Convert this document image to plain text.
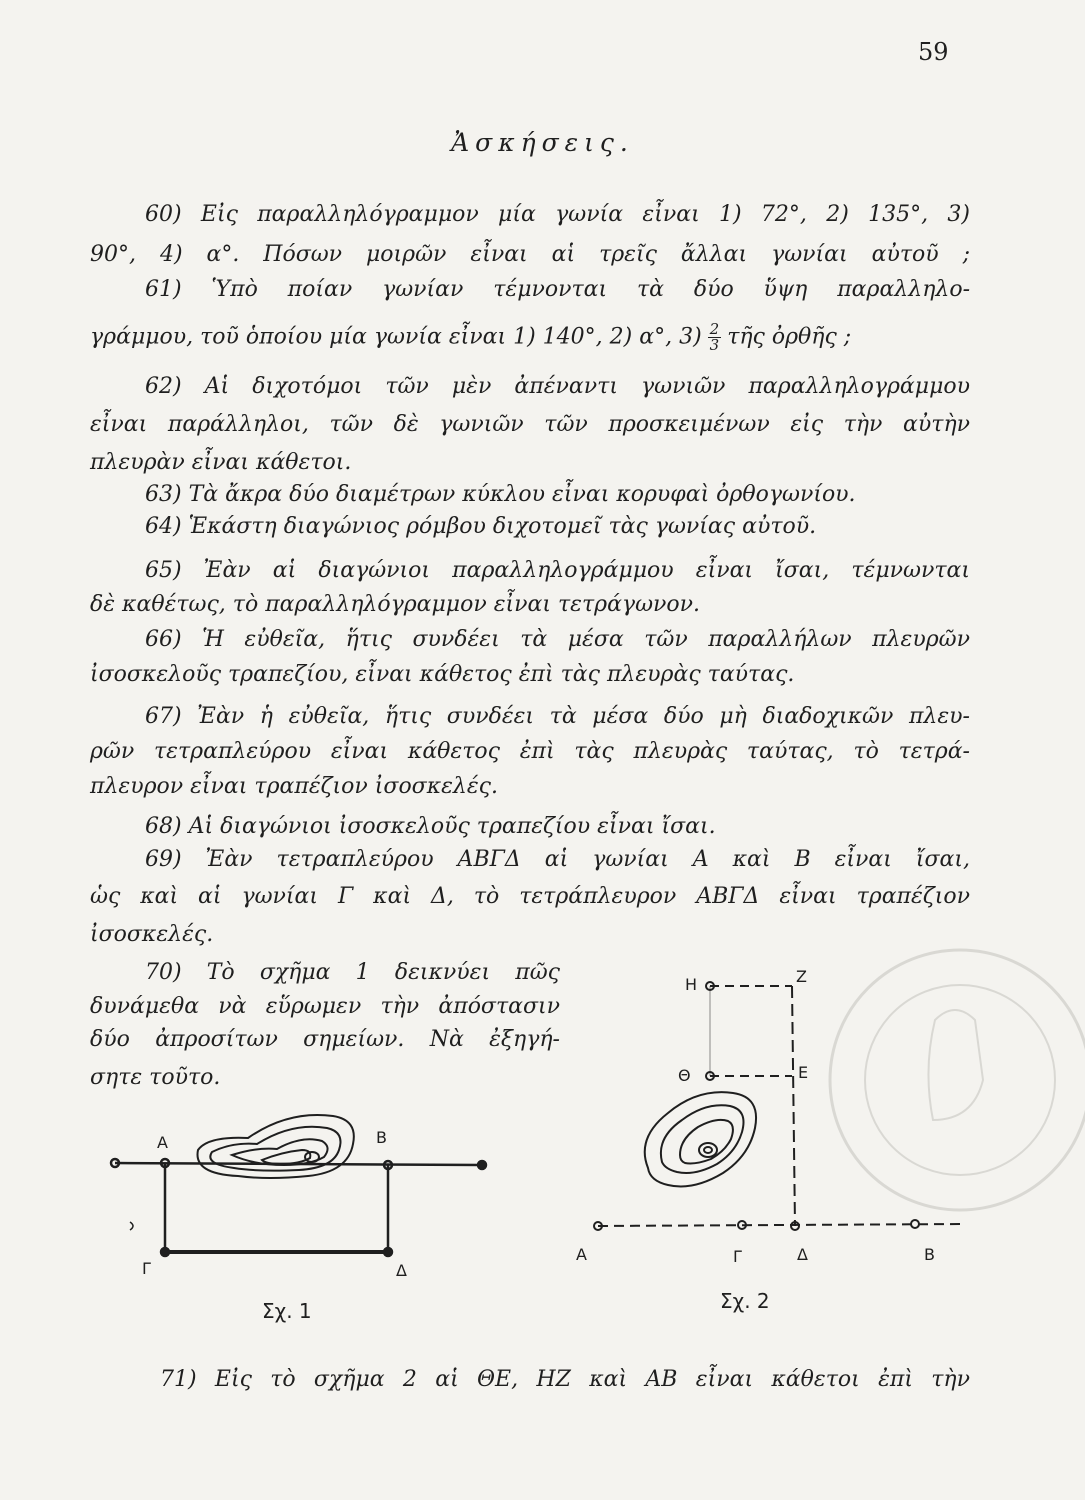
59
Ἀσκήσεις.
60) Εἰς παραλληλόγραμμον μία γωνία εἶναι 1) 72°, 2) 135°, 3)
90°, 4) α°. Πόσων μοιρῶν εἶναι αἱ τρεῖς ἄλλαι γωνίαι αὐτοῦ ;
61) Ὑπὸ ποίαν γωνίαν τέμνονται τὰ δύο ὕψη παραλληλο-
γράμμου, τοῦ ὁποίου μία γωνία εἶναι 1) 140°, 2) α°, $3) \frac{2}{3}$ τῆς ὀρθῆς ;
62) Αἱ διχοτόμοι τῶν μὲν ἀπέναντι γωνιῶν παραλληλογράμμου
εἶναι παράλληλοι, τῶν δὲ γωνιῶν τῶν προσκειμένων εἰς τὴν αὐτὴν
πλευρὰν εἶναι κάθετοι.
63) Τὰ ἄκρα δύο διαμέτρων κύκλου εἶναι κορυφαὶ ὀρθογωνίου.
64) Ἑκάστη διαγώνιος ρόμβου διχοτομεῖ τὰς γωνίας αὐτοῦ.
65) Ἐὰν αἱ διαγώνιοι παραλληλογράμμου εἶναι ἴσαι, τέμνωνται
δὲ καθέτως, τὸ παραλληλόγραμμον εἶναι τετράγωνον.
66) Ἡ εὐθεῖα, ἥτις συνδέει τὰ μέσα τῶν παραλλήλων πλευρῶν
ἰσοσκελοῦς τραπεζίου, εἶναι κάθετος ἐπὶ τὰς πλευρὰς ταύτας.
67) Ἐὰν ἡ εὐθεῖα, ἥτις συνδέει τὰ μέσα δύο μὴ διαδοχικῶν πλευ-
ρῶν τετραπλεύρου εἶναι κάθετος ἐπὶ τὰς πλευρὰς ταύτας, τὸ τετρά-
πλευρον εἶναι τραπέζιον ἰσοσκελές.
68) Αἱ διαγώνιοι ἰσοσκελοῦς τραπεζίου εἶναι ἴσαι.
69) Ἐὰν τετραπλεύρου ΑΒΓΔ αἱ γωνίαι Α καὶ Β εἶναι ἴσαι,
ὡς καὶ αἱ γωνίαι Γ καὶ Δ, τὸ τετράπλευρον ΑΒΓΔ εἶναι τραπέζιον
ἰσοσκελές.
70) Τὸ σχῆμα 1 δεικνύει πῶς
δυνάμεθα νὰ εὕρωμεν τὴν ἀπόστασιν
δύο ἀπροσίτων σημείων. Νὰ ἐξηγή-
σητε τοῦτο.
71) Εἰς τὸ σχῆμα 2 αἱ ΘΕ, ΗΖ καὶ ΑΒ εἶναι κάθετοι ἐπὶ τὴν
Α	Β
Γ	Δ
Σχ. 1
Η	Ζ
Θ	Ε
Α	Γ	Δ	Β
Σχ. 2
